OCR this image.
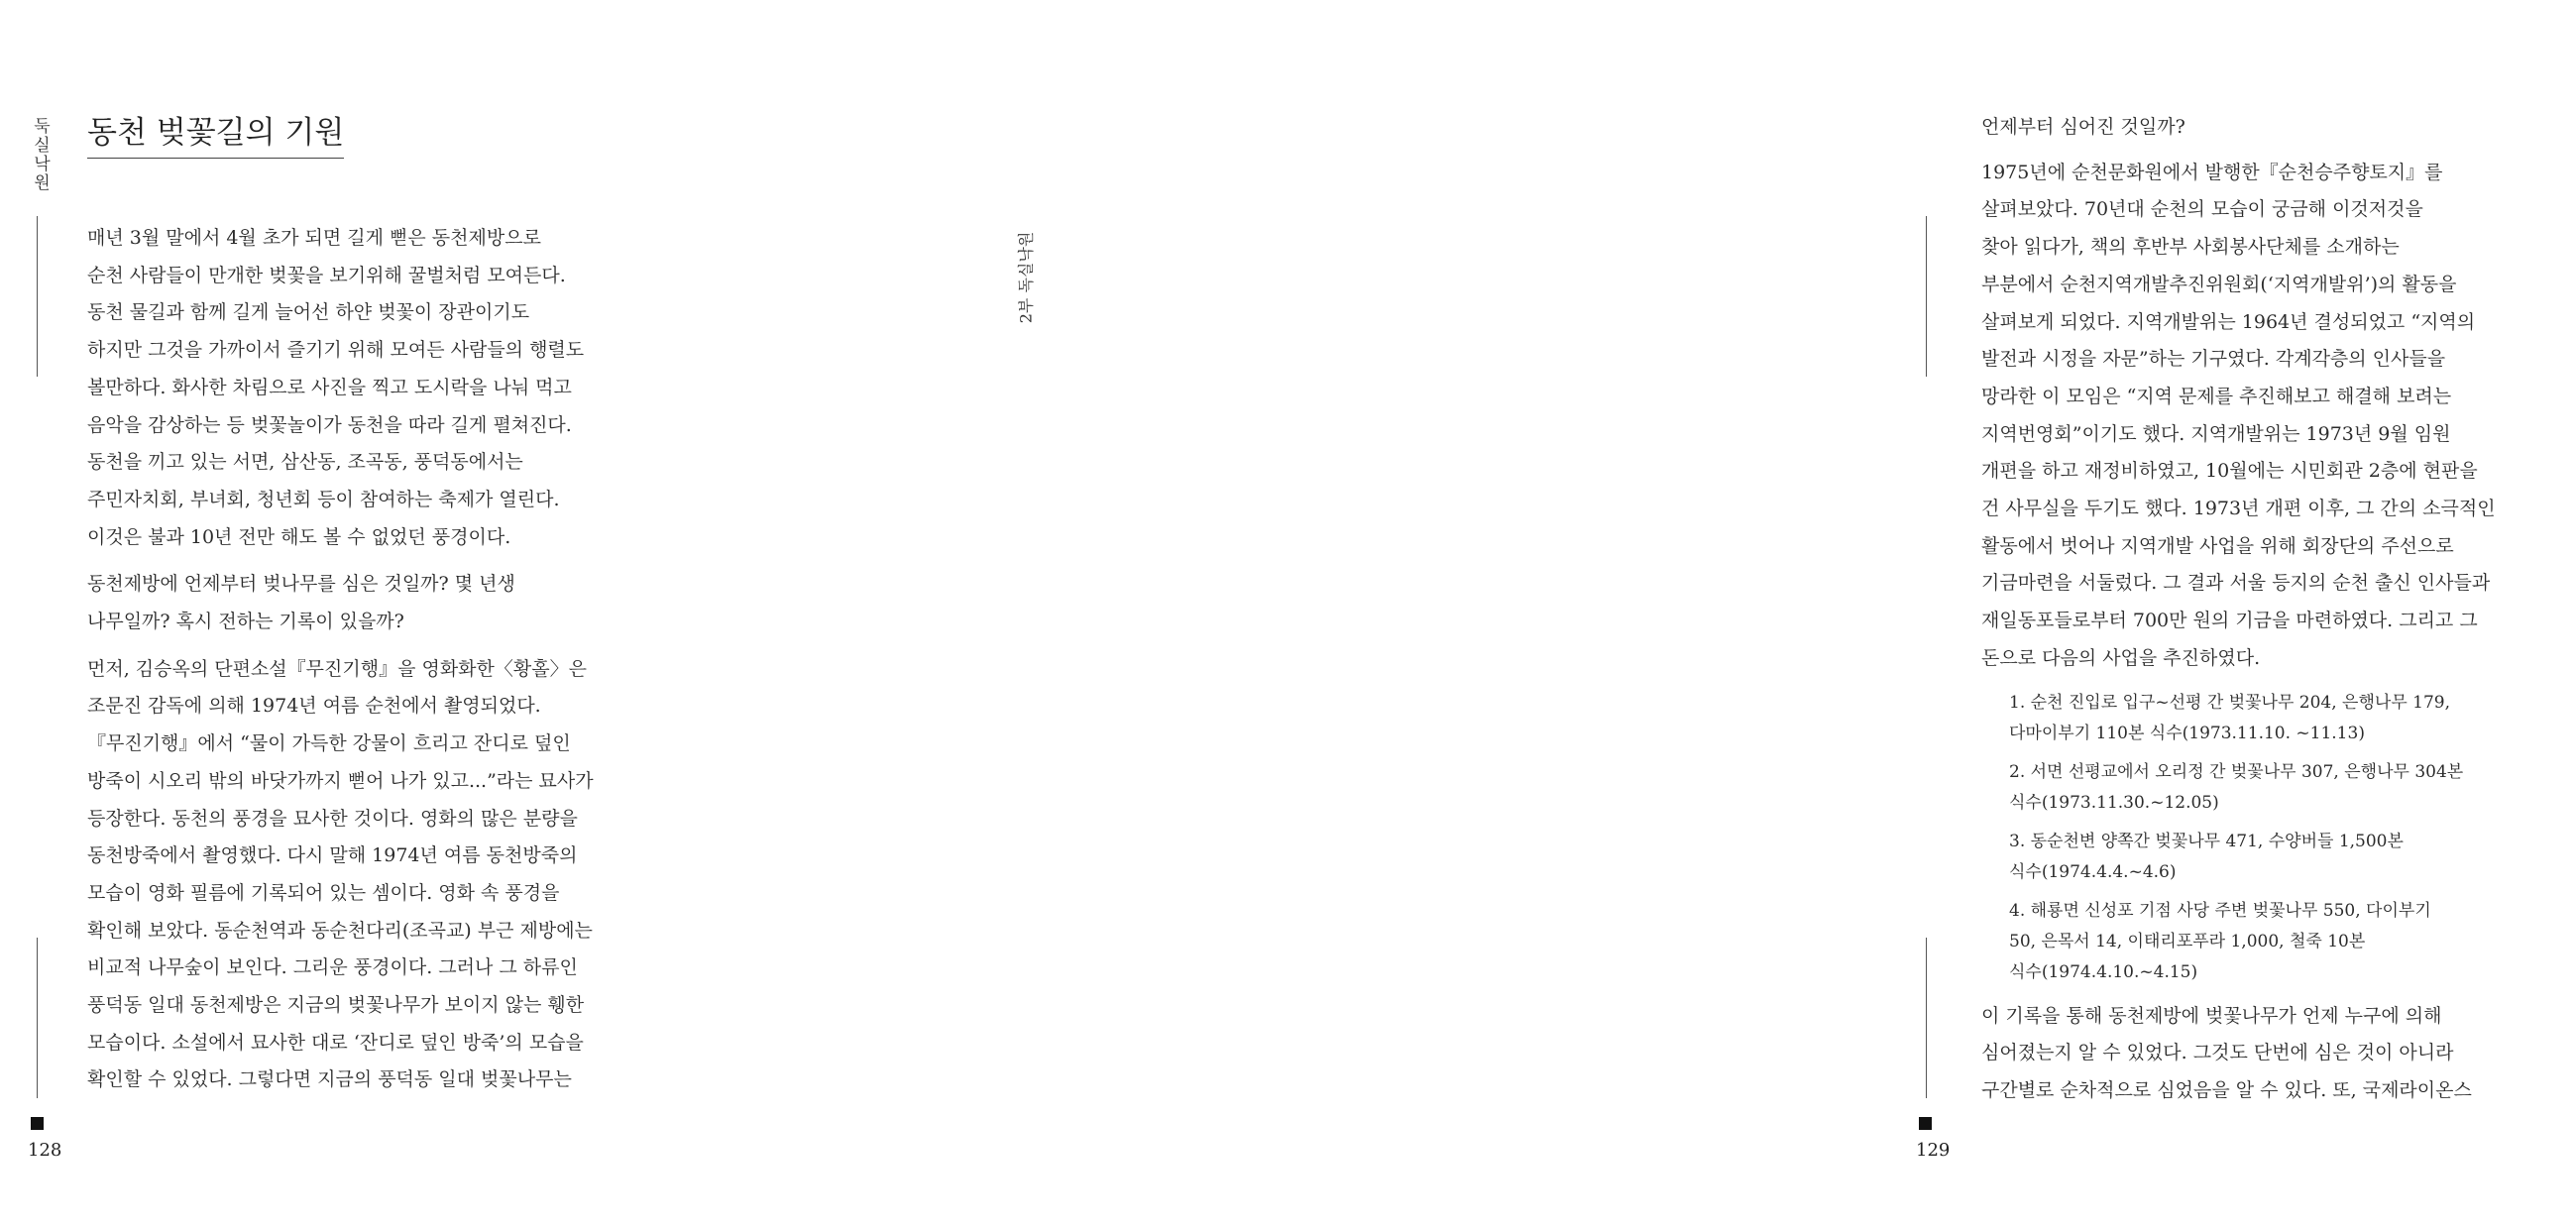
둑실낙원
128
동천 벚꽃길의 기원

매년 3월 말에서 4월 초가 되면 길게 뻗은 동천제방으로
순천 사람들이 만개한 벚꽃을 보기위해 꿀벌처럼 모여든다.
동천 물길과 함께 길게 늘어선 하얀 벚꽃이 장관이기도
하지만 그것을 가까이서 즐기기 위해 모여든 사람들의 행렬도
볼만하다. 화사한 차림으로 사진을 찍고 도시락을 나눠 먹고
음악을 감상하는 등 벚꽃놀이가 동천을 따라 길게 펼쳐진다.
동천을 끼고 있는 서면, 삼산동, 조곡동, 풍덕동에서는
주민자치회, 부녀회, 청년회 등이 참여하는 축제가 열린다.
이것은 불과 10년 전만 해도 볼 수 없었던 풍경이다.

동천제방에 언제부터 벚나무를 심은 것일까? 몇 년생
나무일까? 혹시 전하는 기록이 있을까?

먼저, 김승옥의 단편소설『무진기행』을 영화화한〈황홀〉은
조문진 감독에 의해 1974년 여름 순천에서 촬영되었다.
『무진기행』에서 “물이 가득한 강물이 흐리고 잔디로 덮인
방죽이 시오리 밖의 바닷가까지 뻗어 나가 있고...”라는 묘사가
등장한다. 동천의 풍경을 묘사한 것이다. 영화의 많은 분량을
동천방죽에서 촬영했다. 다시 말해 1974년 여름 동천방죽의
모습이 영화 필름에 기록되어 있는 셈이다. 영화 속 풍경을
확인해 보았다. 동순천역과 동순천다리(조곡교) 부근 제방에는
비교적 나무숲이 보인다. 그리운 풍경이다. 그러나 그 하류인
풍덕동 일대 동천제방은 지금의 벚꽃나무가 보이지 않는 휑한
모습이다. 소설에서 묘사한 대로 ‘잔디로 덮인 방죽’의 모습을
확인할 수 있었다. 그렇다면 지금의 풍덕동 일대 벚꽃나무는

129

언제부터 심어진 것일까?

1975년에 순천문화원에서 발행한『순천승주향토지』를
살펴보았다. 70년대 순천의 모습이 궁금해 이것저것을
찾아 읽다가, 책의 후반부 사회봉사단체를 소개하는
부분에서 순천지역개발추진위원회(‘지역개발위’)의 활동을
살펴보게 되었다. 지역개발위는 1964년 결성되었고 “지역의
발전과 시정을 자문”하는 기구였다. 각계각층의 인사들을
망라한 이 모임은 “지역 문제를 추진해보고 해결해 보려는
지역번영회”이기도 했다. 지역개발위는 1973년 9월 임원
개편을 하고 재정비하였고, 10월에는 시민회관 2층에 현판을
건 사무실을 두기도 했다. 1973년 개편 이후, 그 간의 소극적인
활동에서 벗어나 지역개발 사업을 위해 회장단의 주선으로
기금마련을 서둘렀다. 그 결과 서울 등지의 순천 출신 인사들과
재일동포들로부터 700만 원의 기금을 마련하였다. 그리고 그
돈으로 다음의 사업을 추진하였다.

1. 순천 진입로 입구~선평 간 벚꽃나무 204, 은행나무 179,
다마이부기 110본 식수(1973.11.10. ~11.13)
2. 서면 선평교에서 오리정 간 벚꽃나무 307, 은행나무 304본
식수(1973.11.30.~12.05)
3. 동순천변 양쪽간 벚꽃나무 471, 수양버들 1,500본
식수(1974.4.4.~4.6)
4. 해룡면 신성포 기점 사당 주변 벚꽃나무 550, 다이부기
50, 은목서 14, 이태리포푸라 1,000, 철죽 10본
식수(1974.4.10.~4.15)

이 기록을 통해 동천제방에 벚꽃나무가 언제 누구에 의해
심어졌는지 알 수 있었다. 그것도 단번에 심은 것이 아니라
구간별로 순차적으로 심었음을 알 수 있다. 또, 국제라이온스

2부 독실낙원
